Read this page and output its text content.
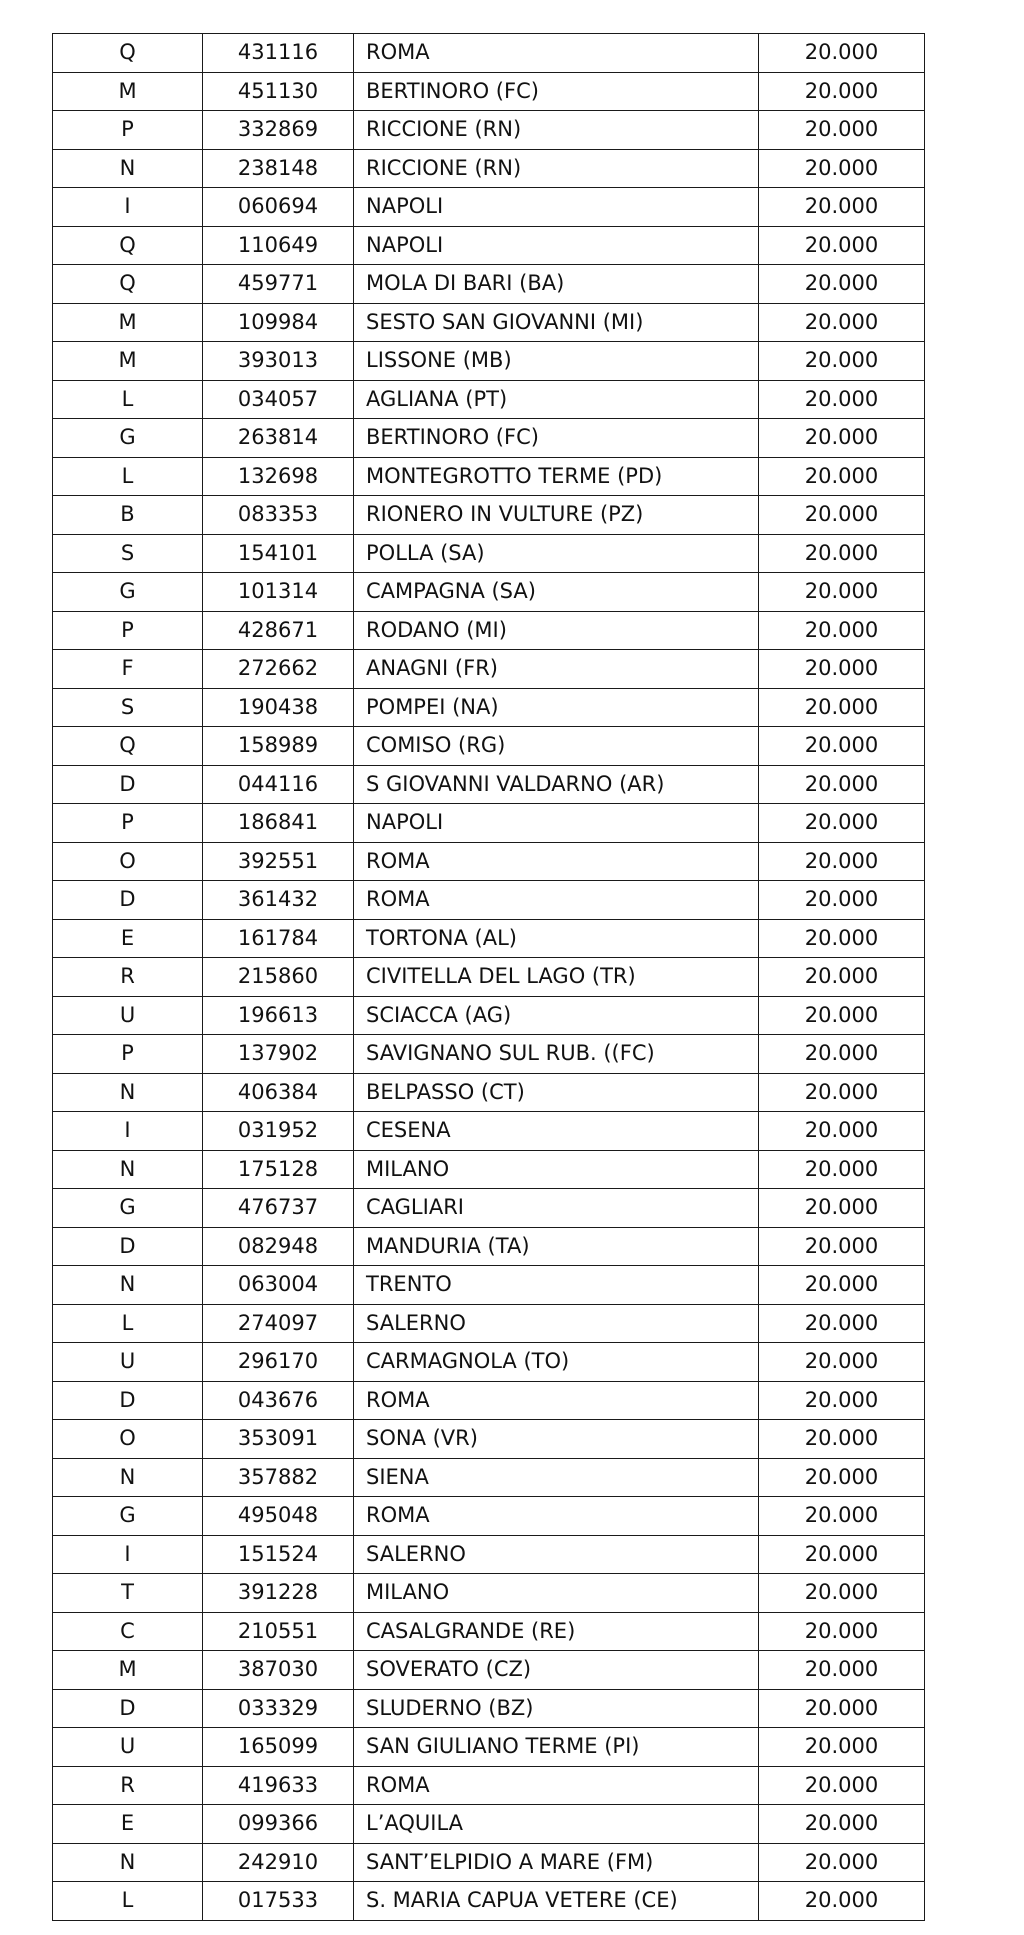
Q	431116	ROMA	20.000
M	451130	BERTINORO (FC)	20.000
P	332869	RICCIONE (RN)	20.000
N	238148	RICCIONE (RN)	20.000
I	060694	NAPOLI	20.000
Q	110649	NAPOLI	20.000
Q	459771	MOLA DI BARI (BA)	20.000
M	109984	SESTO SAN GIOVANNI (MI)	20.000
M	393013	LISSONE (MB)	20.000
L	034057	AGLIANA (PT)	20.000
G	263814	BERTINORO (FC)	20.000
L	132698	MONTEGROTTO TERME (PD)	20.000
B	083353	RIONERO IN VULTURE (PZ)	20.000
S	154101	POLLA (SA)	20.000
G	101314	CAMPAGNA (SA)	20.000
P	428671	RODANO (MI)	20.000
F	272662	ANAGNI (FR)	20.000
S	190438	POMPEI (NA)	20.000
Q	158989	COMISO (RG)	20.000
D	044116	S GIOVANNI VALDARNO (AR)	20.000
P	186841	NAPOLI	20.000
O	392551	ROMA	20.000
D	361432	ROMA	20.000
E	161784	TORTONA (AL)	20.000
R	215860	CIVITELLA DEL LAGO (TR)	20.000
U	196613	SCIACCA (AG)	20.000
P	137902	SAVIGNANO SUL RUB. ((FC)	20.000
N	406384	BELPASSO (CT)	20.000
I	031952	CESENA	20.000
N	175128	MILANO	20.000
G	476737	CAGLIARI	20.000
D	082948	MANDURIA (TA)	20.000
N	063004	TRENTO	20.000
L	274097	SALERNO	20.000
U	296170	CARMAGNOLA (TO)	20.000
D	043676	ROMA	20.000
O	353091	SONA (VR)	20.000
N	357882	SIENA	20.000
G	495048	ROMA	20.000
I	151524	SALERNO	20.000
T	391228	MILANO	20.000
C	210551	CASALGRANDE (RE)	20.000
M	387030	SOVERATO (CZ)	20.000
D	033329	SLUDERNO (BZ)	20.000
U	165099	SAN GIULIANO TERME (PI)	20.000
R	419633	ROMA	20.000
E	099366	L’AQUILA	20.000
N	242910	SANT’ELPIDIO A MARE (FM)	20.000
L	017533	S. MARIA CAPUA VETERE (CE)	20.000
